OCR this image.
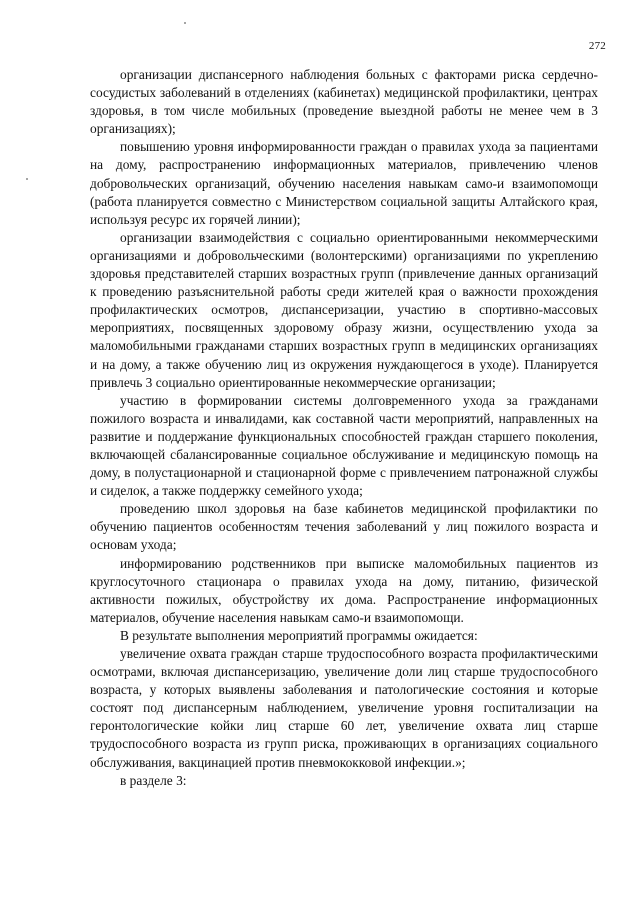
272

организации диспансерного наблюдения больных с факторами риска сердечно-сосудистых заболеваний в отделениях (кабинетах) медицинской профилактики, центрах здоровья, в том числе мобильных (проведение выездной работы не менее чем в 3 организациях);

повышению уровня информированности граждан о правилах ухода за пациентами на дому, распространению информационных материалов, привлечению членов добровольческих организаций, обучению населения навыкам само-и взаимопомощи (работа планируется совместно с Министерством социальной защиты Алтайского края, используя ресурс их горячей линии);

организации взаимодействия с социально ориентированными некоммерческими организациями и добровольческими (волонтерскими) организациями по укреплению здоровья представителей старших возрастных групп (привлечение данных организаций к проведению разъяснительной работы среди жителей края о важности прохождения профилактических осмотров, диспансеризации, участию в спортивно-массовых мероприятиях, посвященных здоровому образу жизни, осуществлению ухода за маломобильными гражданами старших возрастных групп в медицинских организациях и на дому, а также обучению лиц из окружения нуждающегося в уходе). Планируется привлечь 3 социально ориентированные некоммерческие организации;

участию в формировании системы долговременного ухода за гражданами пожилого возраста и инвалидами, как составной части мероприятий, направленных на развитие и поддержание функциональных способностей граждан старшего поколения, включающей сбалансированные социальное обслуживание и медицинскую помощь на дому, в полустационарной и стационарной форме с привлечением патронажной службы и сиделок, а также поддержку семейного ухода;

проведению школ здоровья на базе кабинетов медицинской профилактики по обучению пациентов особенностям течения заболеваний у лиц пожилого возраста и основам ухода;

информированию родственников при выписке маломобильных пациентов из круглосуточного стационара о правилах ухода на дому, питанию, физической активности пожилых, обустройству их дома. Распространение информационных материалов, обучение населения навыкам само-и взаимопомощи.

В результате выполнения мероприятий программы ожидается:

увеличение охвата граждан старше трудоспособного возраста профилактическими осмотрами, включая диспансеризацию, увеличение доли лиц старше трудоспособного возраста, у которых выявлены заболевания и патологические состояния и которые состоят под диспансерным наблюдением, увеличение уровня госпитализации на геронтологические койки лиц старше 60 лет, увеличение охвата лиц старше трудоспособного возраста из групп риска, проживающих в организациях социального обслуживания, вакцинацией против пневмококковой инфекции.»;

в разделе 3:
